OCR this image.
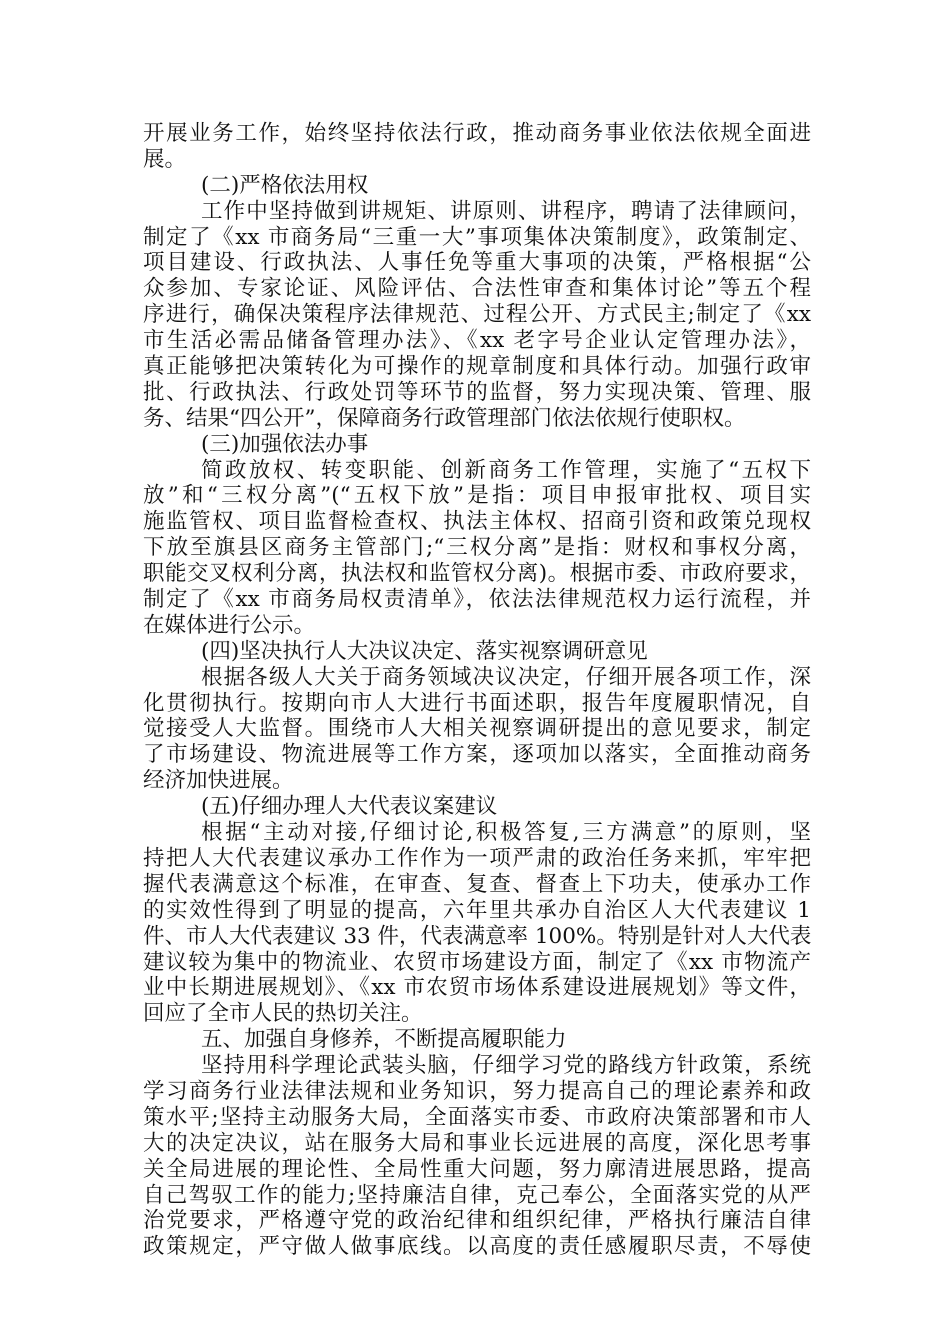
开展业务工作，始终坚持依法行政，推动商务事业依法依规全面进
展。
(二)严格依法用权
工作中坚持做到讲规矩、讲原则、讲程序，聘请了法律顾问，
制定了《xx 市商务局“三重一大”事项集体决策制度》，政策制定、
项目建设、行政执法、人事任免等重大事项的决策，严格根据“公
众参加、专家论证、风险评估、合法性审查和集体讨论”等五个程
序进行，确保决策程序法律规范、过程公开、方式民主;制定了《xx
市生活必需品储备管理办法》、《xx 老字号企业认定管理办法》，
真正能够把决策转化为可操作的规章制度和具体行动。加强行政审
批、行政执法、行政处罚等环节的监督，努力实现决策、管理、服
务、结果“四公开”，保障商务行政管理部门依法依规行使职权。
(三)加强依法办事
简政放权、转变职能、创新商务工作管理，实施了“五权下
放”和“三权分离”(“五权下放”是指：项目申报审批权、项目实
施监管权、项目监督检查权、执法主体权、招商引资和政策兑现权
下放至旗县区商务主管部门;“三权分离”是指：财权和事权分离，
职能交叉权利分离，执法权和监管权分离)。根据市委、市政府要求，
制定了《xx 市商务局权责清单》，依法法律规范权力运行流程，并
在媒体进行公示。
(四)坚决执行人大决议决定、落实视察调研意见
根据各级人大关于商务领域决议决定，仔细开展各项工作，深
化贯彻执行。按期向市人大进行书面述职，报告年度履职情况，自
觉接受人大监督。围绕市人大相关视察调研提出的意见要求，制定
了市场建设、物流进展等工作方案，逐项加以落实，全面推动商务
经济加快进展。
(五)仔细办理人大代表议案建议
根据“主动对接,仔细讨论,积极答复,三方满意”的原则，坚
持把人大代表建议承办工作作为一项严肃的政治任务来抓，牢牢把
握代表满意这个标准，在审查、复查、督查上下功夫，使承办工作
的实效性得到了明显的提高，六年里共承办自治区人大代表建议 1
件、市人大代表建议 33 件，代表满意率 100%。特别是针对人大代表
建议较为集中的物流业、农贸市场建设方面，制定了《xx 市物流产
业中长期进展规划》、《xx 市农贸市场体系建设进展规划》等文件，
回应了全市人民的热切关注。
五、加强自身修养，不断提高履职能力
坚持用科学理论武装头脑，仔细学习党的路线方针政策，系统
学习商务行业法律法规和业务知识，努力提高自己的理论素养和政
策水平;坚持主动服务大局，全面落实市委、市政府决策部署和市人
大的决定决议，站在服务大局和事业长远进展的高度，深化思考事
关全局进展的理论性、全局性重大问题，努力廓清进展思路，提高
自己驾驭工作的能力;坚持廉洁自律，克己奉公，全面落实党的从严
治党要求，严格遵守党的政治纪律和组织纪律，严格执行廉洁自律
政策规定，严守做人做事底线。以高度的责任感履职尽责，不辱使
